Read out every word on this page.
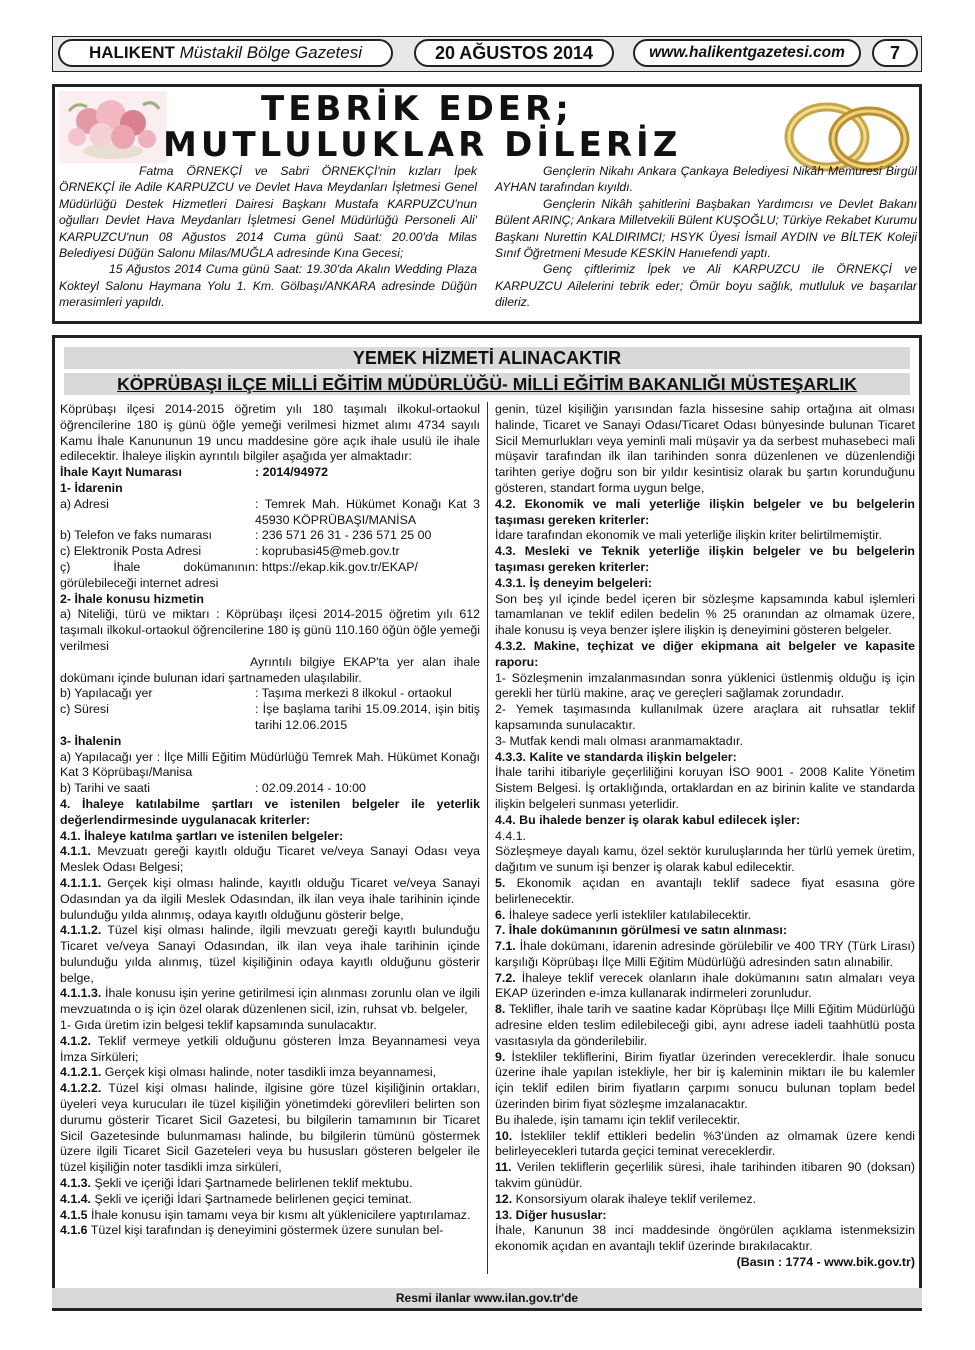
HALIKENT Müstakil Bölge Gazetesi	20 AĞUSTOS 2014	www.halikentgazetesi.com	7
TEBRİK EDER;
MUTLULUKLAR DİLERİZ

Fatma ÖRNEKÇİ ve Sabri ÖRNEKÇİ'nin kızları İpek ÖRNEKÇİ ile Adile KARPUZCU ve Devlet Hava Meydanları İşletmesi Genel Müdürlüğü Destek Hizmetleri Dairesi Başkanı Mustafa KARPUZCU'nun oğulları Devlet Hava Meydanları İşletmesi Genel Müdürlüğü Personeli Ali' KARPUZCU'nun 08 Ağustos 2014 Cuma günü Saat: 20.00'da Milas Belediyesi Düğün Salonu Milas/MUĞLA adresinde Kına Gecesi;

15 Ağustos 2014 Cuma günü Saat: 19.30'da Akalın Wedding Plaza Kokteyl Salonu Haymana Yolu 1. Km. Gölbaşı/ANKARA adresinde Düğün merasimleri yapıldı.

Gençlerin Nikahı Ankara Çankaya Belediyesi Nikâh Memuresi Birgül AYHAN tarafından kıyıldı.

Gençlerin Nikâh şahitlerini Başbakan Yardımcısı ve Devlet Bakanı Bülent ARINÇ; Ankara Milletvekili Bülent KUŞOĞLU; Türkiye Rekabet Kurumu Başkanı Nurettin KALDIRIMCI; HSYK Üyesi İsmail AYDIN ve BİLTEK Koleji Sınıf Öğretmeni Mesude KESKİN Hanıefendi yaptı.

Genç çiftlerimiz İpek ve Ali KARPUZCU ile ÖRNEKÇİ ve KARPUZCU Ailelerini tebrik eder; Ömür boyu sağlık, mutluluk ve başarılar dileriz.

YEMEK HİZMETİ ALINACAKTIR
KÖPRÜBAŞI İLÇE MİLLİ EĞİTİM MÜDÜRLÜĞÜ- MİLLİ EĞİTİM BAKANLIĞI MÜSTEŞARLIK

Köprübaşı ilçesi 2014-2015 öğretim yılı 180 taşımalı ilkokul-ortaokul öğrencilerine 180 iş günü öğle yemeği verilmesi hizmet alımı 4734 sayılı Kamu İhale Kanununun 19 uncu maddesine göre açık ihale usulü ile ihale edilecektir. İhaleye ilişkin ayrıntılı bilgiler aşağıda yer almaktadır:

İhale Kayıt Numarası	: 2014/94972

1- İdarenin

a) Adresi	: Temrek Mah. Hükümet Konağı Kat 3 45930 KÖPRÜBAŞI/MANİSA
b) Telefon ve faks numarası	: 236 571 26 31 - 236 571 25 00
c) Elektronik Posta Adresi	: koprubasi45@meb.gov.tr
ç) İhale dokümanının görülebileceği internet adresi
: https://ekap.kik.gov.tr/EKAP/

2- İhale konusu hizmetin

a) Niteliği, türü ve miktarı : Köprübaşı ilçesi 2014-2015 öğretim yılı 612 taşımalı ilkokul-ortaokul öğrencilerine 180 iş günü 110.160 öğün öğle yemeği verilmesi

Ayrıntılı bilgiye EKAP'ta yer alan ihale dokümanı içinde bulunan idari şartnameden ulaşılabilir.

b) Yapılacağı yer	: Taşıma merkezi 8 ilkokul - ortaokul
c) Süresi	: İşe başlama tarihi 15.09.2014, işin bitiş tarihi 12.06.2015

3- İhalenin

a) Yapılacağı yer : İlçe Milli Eğitim Müdürlüğü Temrek Mah. Hükümet Konağı Kat 3 Köprübaşı/Manisa

b) Tarihi ve saati	: 02.09.2014 - 10:00

4. İhaleye katılabilme şartları ve istenilen belgeler ile yeterlik değerlendirmesinde uygulanacak kriterler:

4.1. İhaleye katılma şartları ve istenilen belgeler:

4.1.1. Mevzuatı gereği kayıtlı olduğu Ticaret ve/veya Sanayi Odası veya Meslek Odası Belgesi;

4.1.1.1. Gerçek kişi olması halinde, kayıtlı olduğu Ticaret ve/veya Sanayi Odasından ya da ilgili Meslek Odasından, ilk ilan veya ihale tarihinin içinde bulunduğu yılda alınmış, odaya kayıtlı olduğunu gösterir belge,

4.1.1.2. Tüzel kişi olması halinde, ilgili mevzuatı gereği kayıtlı bulunduğu Ticaret ve/veya Sanayi Odasından, ilk ilan veya ihale tarihinin içinde bulunduğu yılda alınmış, tüzel kişiliğinin odaya kayıtlı olduğunu gösterir belge,

4.1.1.3. İhale konusu işin yerine getirilmesi için alınması zorunlu olan ve ilgili mevzuatında o iş için özel olarak düzenlenen sicil, izin, ruhsat vb. belgeler,

1- Gıda üretim izin belgesi teklif kapsamında sunulacaktır.

4.1.2. Teklif vermeye yetkili olduğunu gösteren İmza Beyannamesi veya İmza Sirküleri;

4.1.2.1. Gerçek kişi olması halinde, noter tasdikli imza beyannamesi,

4.1.2.2. Tüzel kişi olması halinde, ilgisine göre tüzel kişiliğinin ortakları, üyeleri veya kurucuları ile tüzel kişiliğin yönetimdeki görevlileri belirten son durumu gösterir Ticaret Sicil Gazetesi, bu bilgilerin tamamının bir Ticaret Sicil Gazetesinde bulunmaması halinde, bu bilgilerin tümünü göstermek üzere ilgili Ticaret Sicil Gazeteleri veya bu hususları gösteren belgeler ile tüzel kişiliğin noter tasdikli imza sirküleri,

4.1.3. Şekli ve içeriği İdari Şartnamede belirlenen teklif mektubu.

4.1.4. Şekli ve içeriği İdari Şartnamede belirlenen geçici teminat.

4.1.5 İhale konusu işin tamamı veya bir kısmı alt yüklenicilere yaptırılamaz.

4.1.6 Tüzel kişi tarafından iş deneyimini göstermek üzere sunulan bel-

genin, tüzel kişiliğin yarısından fazla hissesine sahip ortağına ait olması halinde, Ticaret ve Sanayi Odası/Ticaret Odası bünyesinde bulunan Ticaret Sicil Memurlukları veya yeminli mali müşavir ya da serbest muhasebeci mali müşavir tarafından ilk ilan tarihinden sonra düzenlenen ve düzenlendiği tarihten geriye doğru son bir yıldır kesintisiz olarak bu şartın korunduğunu gösteren, standart forma uygun belge,

4.2. Ekonomik ve mali yeterliğe ilişkin belgeler ve bu belgelerin taşıması gereken kriterler:

İdare tarafından ekonomik ve mali yeterliğe ilişkin kriter belirtilmemiştir.

4.3. Mesleki ve Teknik yeterliğe ilişkin belgeler ve bu belgelerin taşıması gereken kriterler:

4.3.1. İş deneyim belgeleri:

Son beş yıl içinde bedel içeren bir sözleşme kapsamında kabul işlemleri tamamlanan ve teklif edilen bedelin % 25 oranından az olmamak üzere, ihale konusu iş veya benzer işlere ilişkin iş deneyimini gösteren belgeler.

4.3.2. Makine, teçhizat ve diğer ekipmana ait belgeler ve kapasite raporu:

1- Sözleşmenin imzalanmasından sonra yüklenici üstlenmiş olduğu iş için gerekli her türlü makine, araç ve gereçleri sağlamak zorundadır.

2- Yemek taşımasında kullanılmak üzere araçlara ait ruhsatlar teklif kapsamında sunulacaktır.

3- Mutfak kendi malı olması aranmamaktadır.

4.3.3. Kalite ve standarda ilişkin belgeler:

İhale tarihi itibariyle geçerliliğini koruyan İSO 9001 - 2008 Kalite Yönetim Sistem Belgesi. İş ortaklığında, ortaklardan en az birinin kalite ve standarda ilişkin belgeleri sunması yeterlidir.

4.4. Bu ihalede benzer iş olarak kabul edilecek işler:

4.4.1.

Sözleşmeye dayalı kamu, özel sektör kuruluşlarında her türlü yemek üretim, dağıtım ve sunum işi benzer iş olarak kabul edilecektir.

5. Ekonomik açıdan en avantajlı teklif sadece fiyat esasına göre belirlenecektir.

6. İhaleye sadece yerli istekliler katılabilecektir.

7. İhale dokümanının görülmesi ve satın alınması:

7.1. İhale dokümanı, idarenin adresinde görülebilir ve 400 TRY (Türk Lirası) karşılığı Köprübaşı İlçe Milli Eğitim Müdürlüğü adresinden satın alınabilir.

7.2. İhaleye teklif verecek olanların ihale dokümanını satın almaları veya EKAP üzerinden e-imza kullanarak indirmeleri zorunludur.

8. Teklifler, ihale tarih ve saatine kadar Köprübaşı İlçe Milli Eğitim Müdürlüğü adresine elden teslim edilebileceği gibi, aynı adrese iadeli taahhütlü posta vasıtasıyla da gönderilebilir.

9. İstekliler tekliflerini, Birim fiyatlar üzerinden vereceklerdir. İhale sonucu üzerine ihale yapılan istekliyle, her bir iş kaleminin miktarı ile bu kalemler için teklif edilen birim fiyatların çarpımı sonucu bulunan toplam bedel üzerinden birim fiyat sözleşme imzalanacaktır.

Bu ihalede, işin tamamı için teklif verilecektir.

10. İstekliler teklif ettikleri bedelin %3'ünden az olmamak üzere kendi belirleyecekleri tutarda geçici teminat vereceklerdir.

11. Verilen tekliflerin geçerlilik süresi, ihale tarihinden itibaren 90 (doksan) takvim günüdür.

12. Konsorsiyum olarak ihaleye teklif verilemez.

13. Diğer hususlar:

İhale, Kanunun 38 inci maddesinde öngörülen açıklama istenmeksizin ekonomik açıdan en avantajlı teklif üzerinde bırakılacaktır.

(Basın : 1774 - www.bik.gov.tr)

Resmi ilanlar www.ilan.gov.tr'de
